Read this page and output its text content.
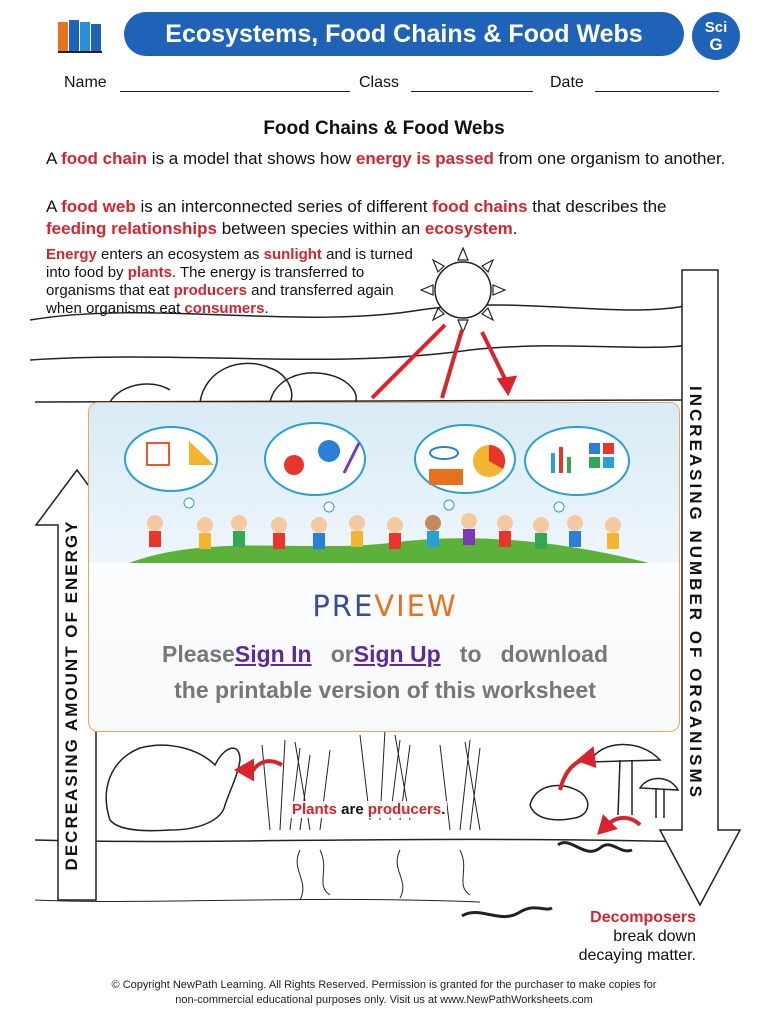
Ecosystems, Food Chains & Food Webs	Sci
G
Name	Class	Date
Food Chains & Food Webs

A food chain is a model that shows how energy is passed from one organism to another.

A food web is an interconnected series of different food chains that describes the feeding relationships between species within an ecosystem.

Energy enters an ecosystem as sunlight and is turned into food by plants. The energy is transferred to organisms that eat producers and transferred again when organisms eat consumers.

DECREASING AMOUNT OF ENERGY	INCREASING NUMBER OF ORGANISMS
Plants are producers.
Decomposers
break down
decaying matter.
© Copyright NewPath Learning. All Rights Reserved. Permission is granted for the purchaser to make copies for
non-commercial educational purposes only. Visit us at www.NewPathWorksheets.com
PREVIEW
PleaseSign In orSign Up to   download
the printable version of this worksheet
